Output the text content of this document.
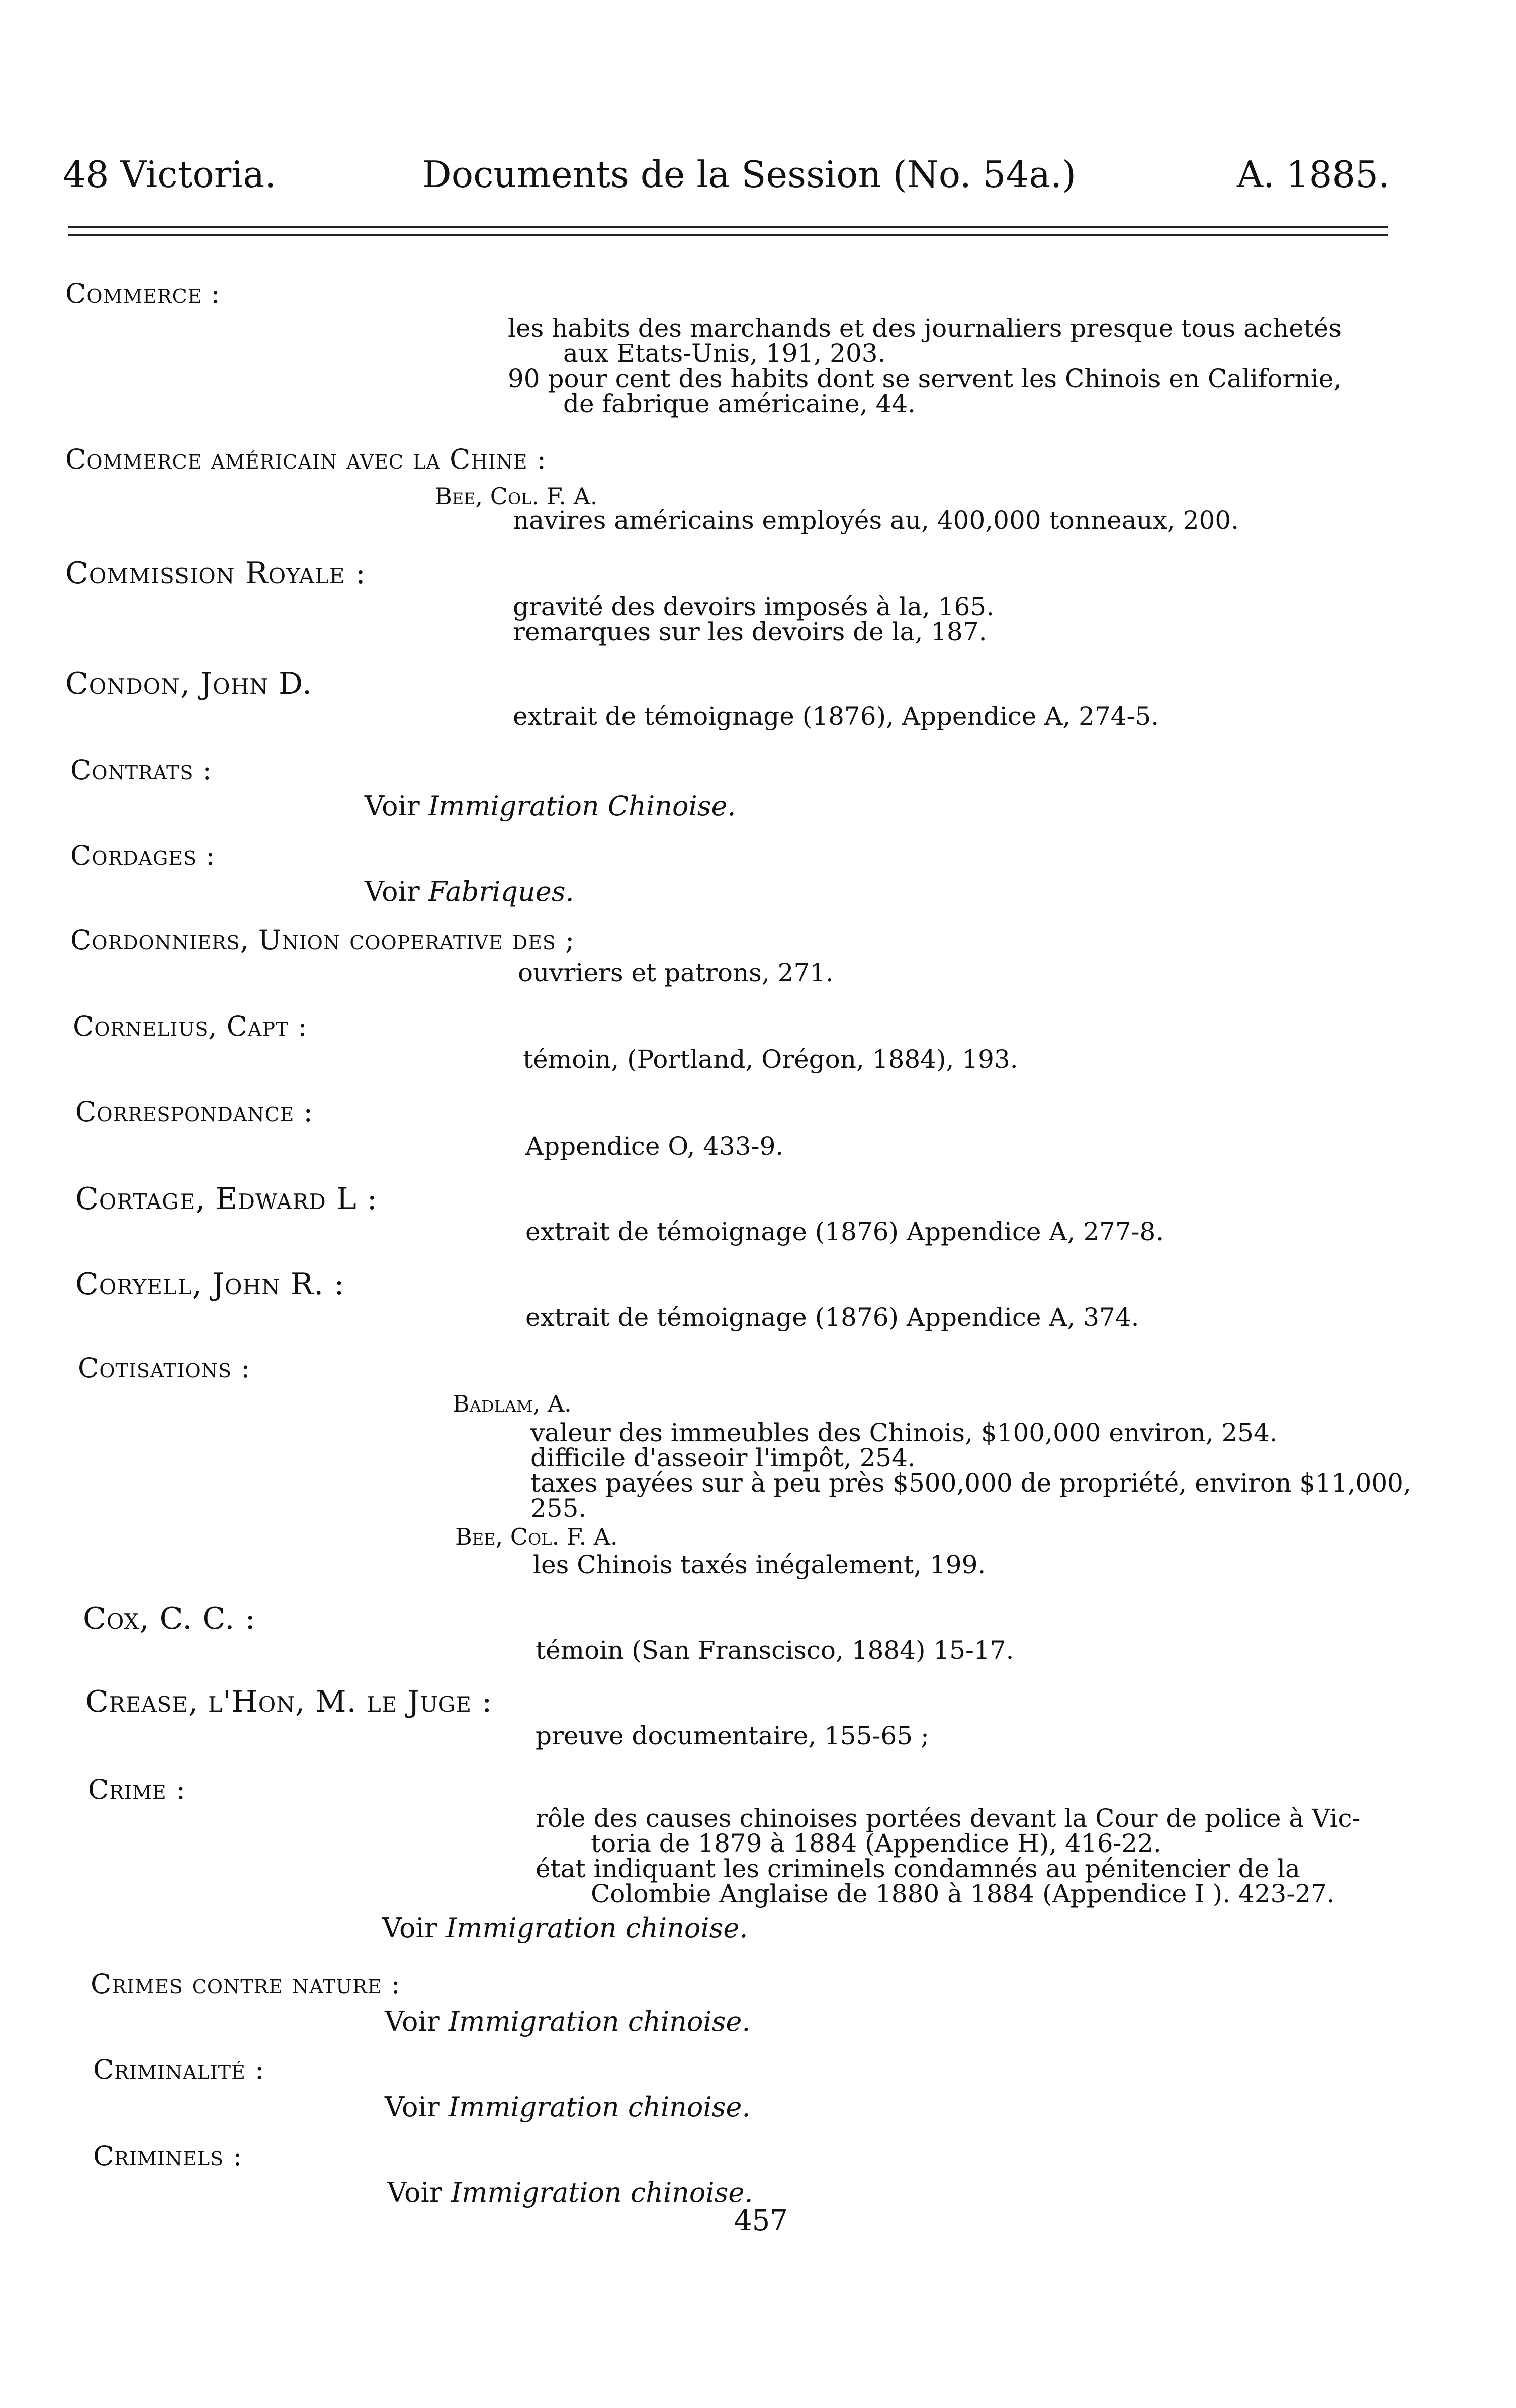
48 Victoria.	Documents de la Session (No. 54a.)	A. 1885.
Commerce :
les habits des marchands et des journaliers presque tous achetés
aux Etats-Unis, 191, 203.
90 pour cent des habits dont se servent les Chinois en Californie,
de fabrique américaine, 44.
Commerce américain avec la Chine :
Bee, Col. F. A.
navires américains employés au, 400,000 tonneaux, 200.
Commission Royale :
gravité des devoirs imposés à la, 165.
remarques sur les devoirs de la, 187.
Condon, John D.
extrait de témoignage (1876), Appendice A, 274-5.
Contrats :
Voir Immigration Chinoise.
Cordages :
Voir Fabriques.
Cordonniers, Union cooperative des ;
ouvriers et patrons, 271.
Cornelius, Capt :
témoin, (Portland, Orégon, 1884), 193.
Correspondance :
Appendice O, 433-9.
Cortage, Edward L :
extrait de témoignage (1876) Appendice A, 277-8.
Coryell, John R. :
extrait de témoignage (1876) Appendice A, 374.
Cotisations :
Badlam, A.
valeur des immeubles des Chinois, $100,000 environ, 254.
difficile d'asseoir l'impôt, 254.
taxes payées sur à peu près $500,000 de propriété, environ $11,000,
255.
Bee, Col. F. A.
les Chinois taxés inégalement, 199.
Cox, C. C. :
témoin (San Franscisco, 1884) 15-17.
Crease, l'Hon, M. le Juge :
preuve documentaire, 155-65 ;
Crime :
rôle des causes chinoises portées devant la Cour de police à Vic-
toria de 1879 à 1884 (Appendice H), 416-22.
état indiquant les criminels condamnés au pénitencier de la
Colombie Anglaise de 1880 à 1884 (Appendice I ). 423-27.
Voir Immigration chinoise.
Crimes contre nature :
Voir Immigration chinoise.
Criminalité :
Voir Immigration chinoise.
Criminels :
Voir Immigration chinoise.
457
